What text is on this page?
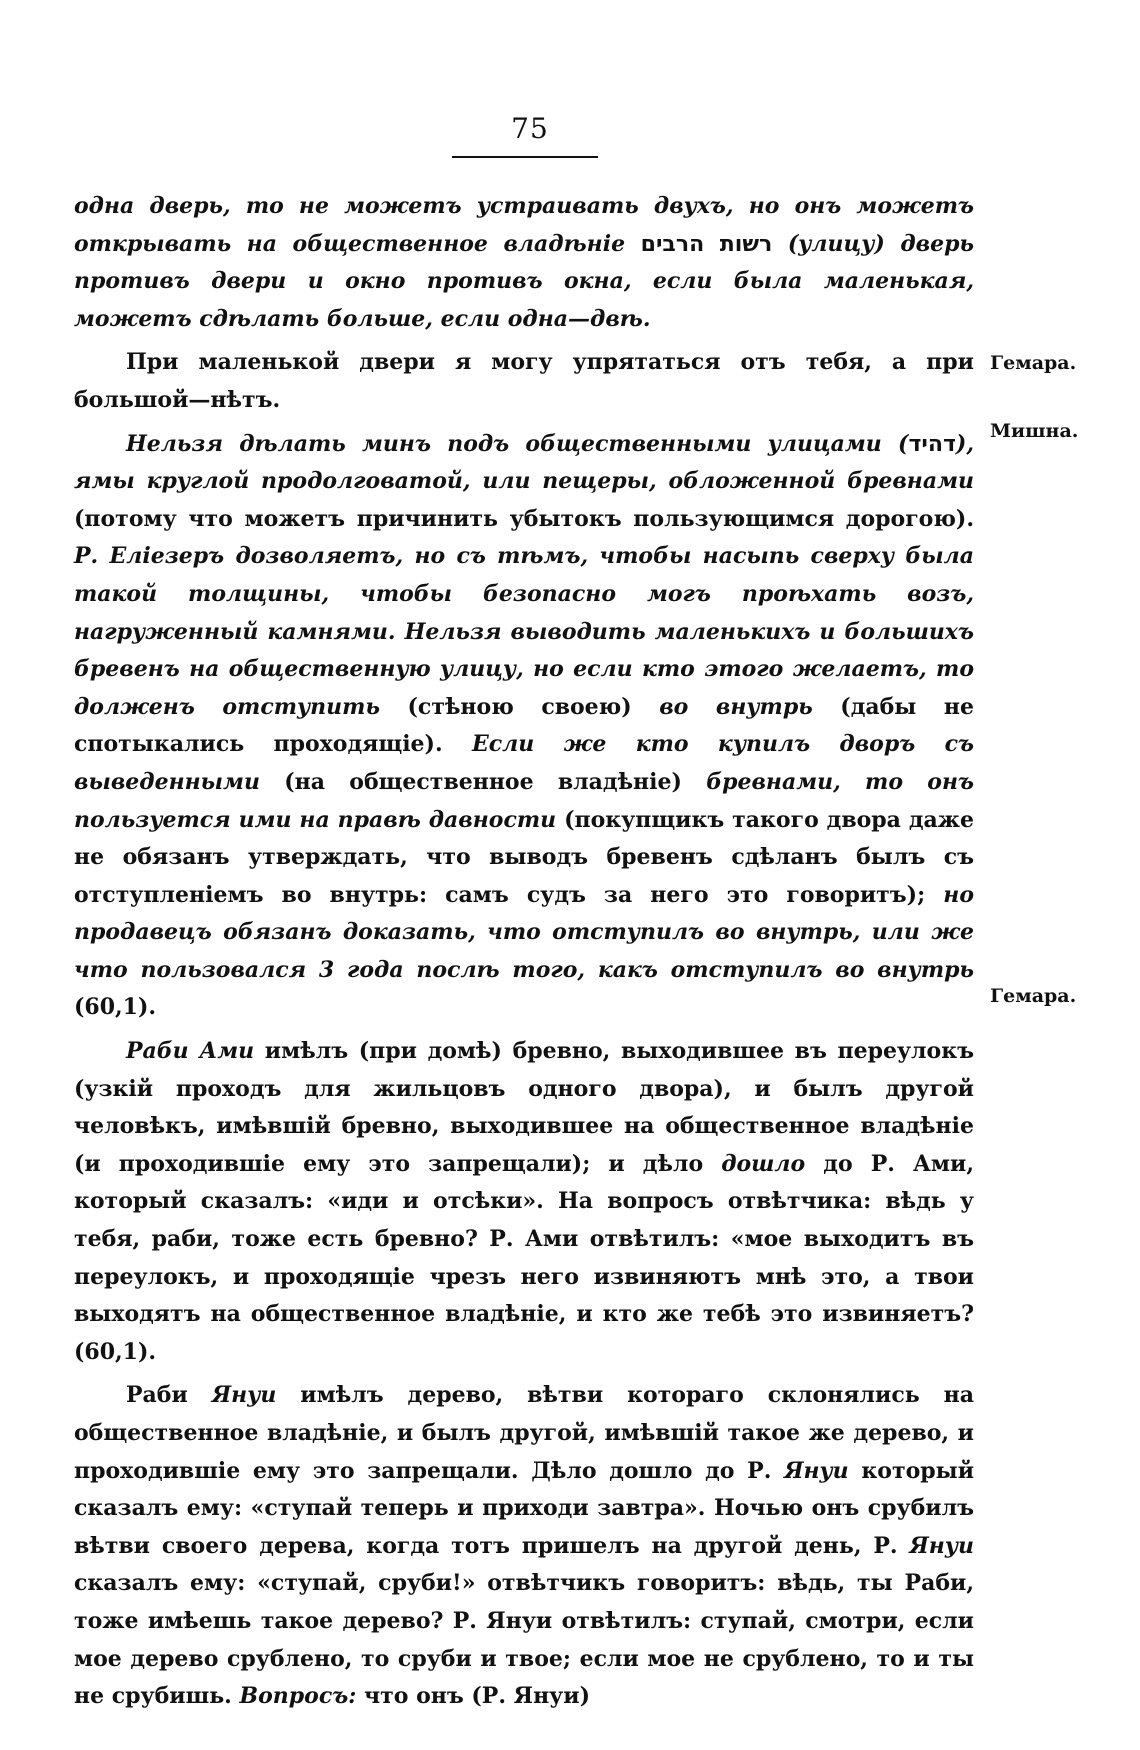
75
Гемара.
Мишна.
Гемара.

одна дверь, то не можетъ устраивать двухъ, но онъ можетъ открывать на общественное владѣніе רשות הרבים (улицу) дверь противъ двери и окно противъ окна, если была маленькая, можетъ сдѣлать больше, если одна—двѣ.

При маленькой двери я могу упрятаться отъ тебя, а при большой—нѣтъ.

Нельзя дѣлать минъ подъ общественными улицами (דהיד), ямы круглой продолговатой, или пещеры, обложенной бревнами (потому что можетъ причинить убытокъ пользующимся дорогою). Р. Еліезеръ дозволяетъ, но съ тѣмъ, чтобы насыпь сверху была такой толщины, чтобы безопасно могъ проѣхать возъ, нагруженный камнями. Нельзя выводить маленькихъ и большихъ бревенъ на общественную улицу, но если кто этого желаетъ, то долженъ отступить (стѣною своею) во внутрь (дабы не спотыкались проходящіе). Если же кто купилъ дворъ съ выведенными (на общественное владѣніе) бревнами, то онъ пользуется ими на правѣ давности (покупщикъ такого двора даже не обязанъ утверждать, что выводъ бревенъ сдѣланъ былъ съ отступленіемъ во внутрь: самъ судъ за него это говоритъ); но продавецъ обязанъ доказать, что отступилъ во внутрь, или же что пользовался 3 года послѣ того, какъ отступилъ во внутрь (60,1).

Раби Ами имѣлъ (при домѣ) бревно, выходившее въ переулокъ (узкій проходъ для жильцовъ одного двора), и былъ другой человѣкъ, имѣвшій бревно, выходившее на общественное владѣніе (и проходившіе ему это запрещали); и дѣло дошло до Р. Ами, который сказалъ: «иди и отсѣки». На вопросъ отвѣтчика: вѣдь у тебя, раби, тоже есть бревно? Р. Ами отвѣтилъ: «мое выходитъ въ переулокъ, и проходящіе чрезъ него извиняютъ мнѣ это, а твои выходятъ на общественное владѣніе, и кто же тебѣ это извиняетъ? (60,1).

Раби Януи имѣлъ дерево, вѣтви котораго склонялись на общественное владѣніе, и былъ другой, имѣвшій такое же дерево, и проходившіе ему это запрещали. Дѣло дошло до Р. Януи который сказалъ ему: «ступай теперь и приходи завтра». Ночью онъ срубилъ вѣтви своего дерева, когда тотъ пришелъ на другой день, Р. Януи сказалъ ему: «ступай, сруби!» отвѣтчикъ говоритъ: вѣдь, ты Раби, тоже имѣешь такое дерево? Р. Януи отвѣтилъ: ступай, смотри, если мое дерево срублено, то сруби и твое; если мое не срублено, то и ты не срубишь. Вопросъ: что онъ (Р. Януи)
